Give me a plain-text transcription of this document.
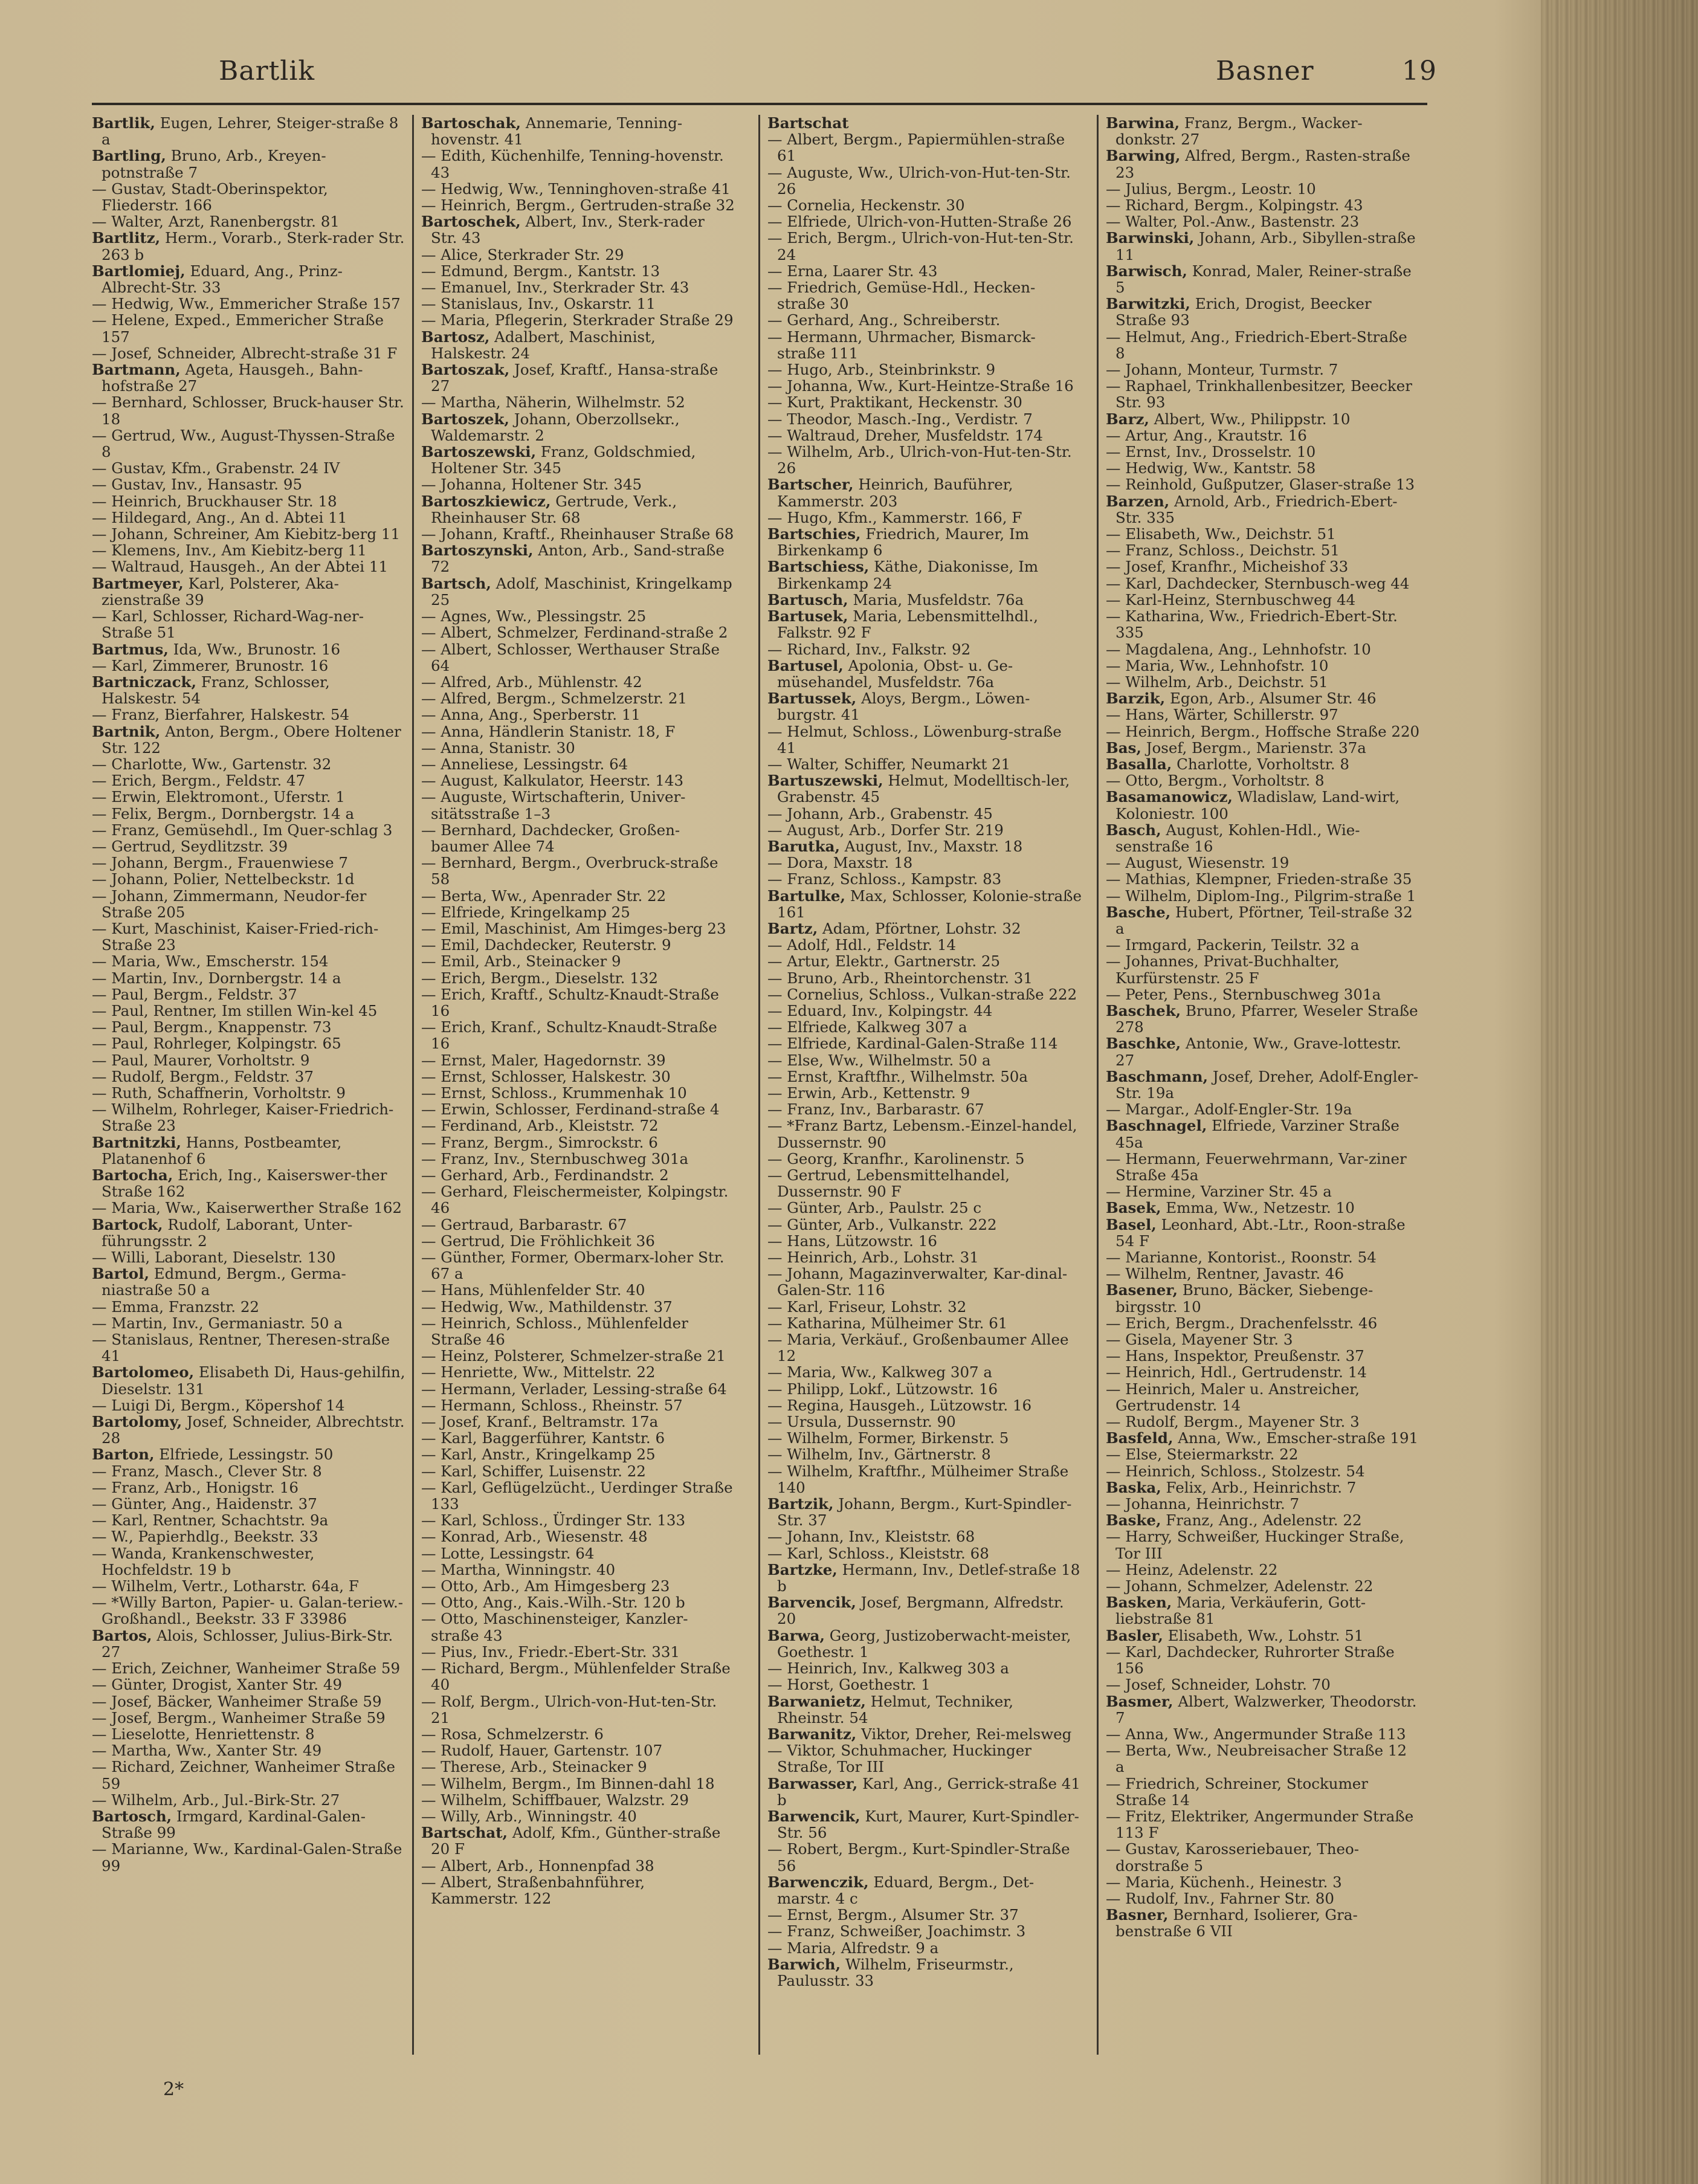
Bartlik	Basner	19

Bartlik, Eugen, Lehrer, Steiger-straße 8 a

Bartling, Bruno, Arb., Kreyen-potnstraße 7

— Gustav, Stadt-Oberinspektor, Fliederstr. 166

— Walter, Arzt, Ranenbergstr. 81

Bartlitz, Herm., Vorarb., Sterk-rader Str. 263 b

Bartlomiej, Eduard, Ang., Prinz-Albrecht-Str. 33

— Hedwig, Ww., Emmericher Straße 157

— Helene, Exped., Emmericher Straße 157

— Josef, Schneider, Albrecht-straße 31 F

Bartmann, Ageta, Hausgeh., Bahn-hofstraße 27

— Bernhard, Schlosser, Bruck-hauser Str. 18

— Gertrud, Ww., August-Thyssen-Straße 8

— Gustav, Kfm., Grabenstr. 24 IV

— Gustav, Inv., Hansastr. 95

— Heinrich, Bruckhauser Str. 18

— Hildegard, Ang., An d. Abtei 11

— Johann, Schreiner, Am Kiebitz-berg 11

— Klemens, Inv., Am Kiebitz-berg 11

— Waltraud, Hausgeh., An der Abtei 11

Bartmeyer, Karl, Polsterer, Aka-zienstraße 39

— Karl, Schlosser, Richard-Wag-ner-Straße 51

Bartmus, Ida, Ww., Brunostr. 16

— Karl, Zimmerer, Brunostr. 16

Bartniczack, Franz, Schlosser, Halskestr. 54

— Franz, Bierfahrer, Halskestr. 54

Bartnik, Anton, Bergm., Obere Holtener Str. 122

— Charlotte, Ww., Gartenstr. 32

— Erich, Bergm., Feldstr. 47

— Erwin, Elektromont., Uferstr. 1

— Felix, Bergm., Dornbergstr. 14 a

— Franz, Gemüsehdl., Im Quer-schlag 3

— Gertrud, Seydlitzstr. 39

— Johann, Bergm., Frauenwiese 7

— Johann, Polier, Nettelbeckstr. 1d

— Johann, Zimmermann, Neudor-fer Straße 205

— Kurt, Maschinist, Kaiser-Fried-rich-Straße 23

— Maria, Ww., Emscherstr. 154

— Martin, Inv., Dornbergstr. 14 a

— Paul, Bergm., Feldstr. 37

— Paul, Rentner, Im stillen Win-kel 45

— Paul, Bergm., Knappenstr. 73

— Paul, Rohrleger, Kolpingstr. 65

— Paul, Maurer, Vorholtstr. 9

— Rudolf, Bergm., Feldstr. 37

— Ruth, Schaffnerin, Vorholtstr. 9

— Wilhelm, Rohrleger, Kaiser-Friedrich-Straße 23

Bartnitzki, Hanns, Postbeamter, Platanenhof 6

Bartocha, Erich, Ing., Kaiserswer-ther Straße 162

— Maria, Ww., Kaiserwerther Straße 162

Bartock, Rudolf, Laborant, Unter-führungsstr. 2

— Willi, Laborant, Dieselstr. 130

Bartol, Edmund, Bergm., Germa-niastraße 50 a

— Emma, Franzstr. 22

— Martin, Inv., Germaniastr. 50 a

— Stanislaus, Rentner, Theresen-straße 41

Bartolomeo, Elisabeth Di, Haus-gehilfin, Dieselstr. 131

— Luigi Di, Bergm., Köpershof 14

Bartolomy, Josef, Schneider, Albrechtstr. 28

Barton, Elfriede, Lessingstr. 50

— Franz, Masch., Clever Str. 8

— Franz, Arb., Honigstr. 16

— Günter, Ang., Haidenstr. 37

— Karl, Rentner, Schachtstr. 9a

— W., Papierhdlg., Beekstr. 33

— Wanda, Krankenschwester, Hochfeldstr. 19 b

— Wilhelm, Vertr., Lotharstr. 64a, F

— *Willy Barton, Papier- u. Galan-teriew.-Großhandl., Beekstr. 33 F 33986

Bartos, Alois, Schlosser, Julius-Birk-Str. 27

— Erich, Zeichner, Wanheimer Straße 59

— Günter, Drogist, Xanter Str. 49

— Josef, Bäcker, Wanheimer Straße 59

— Josef, Bergm., Wanheimer Straße 59

— Lieselotte, Henriettenstr. 8

— Martha, Ww., Xanter Str. 49

— Richard, Zeichner, Wanheimer Straße 59

— Wilhelm, Arb., Jul.-Birk-Str. 27

Bartosch, Irmgard, Kardinal-Galen-Straße 99

— Marianne, Ww., Kardinal-Galen-Straße 99

Bartoschak, Annemarie, Tenning-hovenstr. 41

— Edith, Küchenhilfe, Tenning-hovenstr. 43

— Hedwig, Ww., Tenninghoven-straße 41

— Heinrich, Bergm., Gertruden-straße 32

Bartoschek, Albert, Inv., Sterk-rader Str. 43

— Alice, Sterkrader Str. 29

— Edmund, Bergm., Kantstr. 13

— Emanuel, Inv., Sterkrader Str. 43

— Stanislaus, Inv., Oskarstr. 11

— Maria, Pflegerin, Sterkrader Straße 29

Bartosz, Adalbert, Maschinist, Halskestr. 24

Bartoszak, Josef, Kraftf., Hansa-straße 27

— Martha, Näherin, Wilhelmstr. 52

Bartoszek, Johann, Oberzollsekr., Waldemarstr. 2

Bartoszewski, Franz, Goldschmied, Holtener Str. 345

— Johanna, Holtener Str. 345

Bartoszkiewicz, Gertrude, Verk., Rheinhauser Str. 68

— Johann, Kraftf., Rheinhauser Straße 68

Bartoszynski, Anton, Arb., Sand-straße 72

Bartsch, Adolf, Maschinist, Kringelkamp 25

— Agnes, Ww., Plessingstr. 25

— Albert, Schmelzer, Ferdinand-straße 2

— Albert, Schlosser, Werthauser Straße 64

— Alfred, Arb., Mühlenstr. 42

— Alfred, Bergm., Schmelzerstr. 21

— Anna, Ang., Sperberstr. 11

— Anna, Händlerin Stanistr. 18, F

— Anna, Stanistr. 30

— Anneliese, Lessingstr. 64

— August, Kalkulator, Heerstr. 143

— Auguste, Wirtschafterin, Univer-sitätsstraße 1–3

— Bernhard, Dachdecker, Großen-baumer Allee 74

— Bernhard, Bergm., Overbruck-straße 58

— Berta, Ww., Apenrader Str. 22

— Elfriede, Kringelkamp 25

— Emil, Maschinist, Am Himges-berg 23

— Emil, Dachdecker, Reuterstr. 9

— Emil, Arb., Steinacker 9

— Erich, Bergm., Dieselstr. 132

— Erich, Kraftf., Schultz-Knaudt-Straße 16

— Erich, Kranf., Schultz-Knaudt-Straße 16

— Ernst, Maler, Hagedornstr. 39

— Ernst, Schlosser, Halskestr. 30

— Ernst, Schloss., Krummenhak 10

— Erwin, Schlosser, Ferdinand-straße 4

— Ferdinand, Arb., Kleiststr. 72

— Franz, Bergm., Simrockstr. 6

— Franz, Inv., Sternbuschweg 301a

— Gerhard, Arb., Ferdinandstr. 2

— Gerhard, Fleischermeister, Kolpingstr. 46

— Gertraud, Barbarastr. 67

— Gertrud, Die Fröhlichkeit 36

— Günther, Former, Obermarx-loher Str. 67 a

— Hans, Mühlenfelder Str. 40

— Hedwig, Ww., Mathildenstr. 37

— Heinrich, Schloss., Mühlenfelder Straße 46

— Heinz, Polsterer, Schmelzer-straße 21

— Henriette, Ww., Mittelstr. 22

— Hermann, Verlader, Lessing-straße 64

— Hermann, Schloss., Rheinstr. 57

— Josef, Kranf., Beltramstr. 17a

— Karl, Baggerführer, Kantstr. 6

— Karl, Anstr., Kringelkamp 25

— Karl, Schiffer, Luisenstr. 22

— Karl, Geflügelzücht., Uerdinger Straße 133

— Karl, Schloss., Ürdinger Str. 133

— Konrad, Arb., Wiesenstr. 48

— Lotte, Lessingstr. 64

— Martha, Winningstr. 40

— Otto, Arb., Am Himgesberg 23

— Otto, Ang., Kais.-Wilh.-Str. 120 b

— Otto, Maschinensteiger, Kanzler-straße 43

— Pius, Inv., Friedr.-Ebert-Str. 331

— Richard, Bergm., Mühlenfelder Straße 40

— Rolf, Bergm., Ulrich-von-Hut-ten-Str. 21

— Rosa, Schmelzerstr. 6

— Rudolf, Hauer, Gartenstr. 107

— Therese, Arb., Steinacker 9

— Wilhelm, Bergm., Im Binnen-dahl 18

— Wilhelm, Schiffbauer, Walzstr. 29

— Willy, Arb., Winningstr. 40

Bartschat, Adolf, Kfm., Günther-straße 20 F

— Albert, Arb., Honnenpfad 38

— Albert, Straßenbahnführer, Kammerstr. 122

Bartschat

— Albert, Bergm., Papiermühlen-straße 61

— Auguste, Ww., Ulrich-von-Hut-ten-Str. 26

— Cornelia, Heckenstr. 30

— Elfriede, Ulrich-von-Hutten-Straße 26

— Erich, Bergm., Ulrich-von-Hut-ten-Str. 24

— Erna, Laarer Str. 43

— Friedrich, Gemüse-Hdl., Hecken-straße 30

— Gerhard, Ang., Schreiberstr.

— Hermann, Uhrmacher, Bismarck-straße 111

— Hugo, Arb., Steinbrinkstr. 9

— Johanna, Ww., Kurt-Heintze-Straße 16

— Kurt, Praktikant, Heckenstr. 30

— Theodor, Masch.-Ing., Verdistr. 7

— Waltraud, Dreher, Musfeldstr. 174

— Wilhelm, Arb., Ulrich-von-Hut-ten-Str. 26

Bartscher, Heinrich, Bauführer, Kammerstr. 203

— Hugo, Kfm., Kammerstr. 166, F

Bartschies, Friedrich, Maurer, Im Birkenkamp 6

Bartschiess, Käthe, Diakonisse, Im Birkenkamp 24

Bartusch, Maria, Musfeldstr. 76a

Bartusek, Maria, Lebensmittelhdl., Falkstr. 92 F

— Richard, Inv., Falkstr. 92

Bartusel, Apolonia, Obst- u. Ge-müsehandel, Musfeldstr. 76a

Bartussek, Aloys, Bergm., Löwen-burgstr. 41

— Helmut, Schloss., Löwenburg-straße 41

— Walter, Schiffer, Neumarkt 21

Bartuszewski, Helmut, Modelltisch-ler, Grabenstr. 45

— Johann, Arb., Grabenstr. 45

— August, Arb., Dorfer Str. 219

Barutka, August, Inv., Maxstr. 18

— Dora, Maxstr. 18

— Franz, Schloss., Kampstr. 83

Bartulke, Max, Schlosser, Kolonie-straße 161

Bartz, Adam, Pförtner, Lohstr. 32

— Adolf, Hdl., Feldstr. 14

— Artur, Elektr., Gartnerstr. 25

— Bruno, Arb., Rheintorchenstr. 31

— Cornelius, Schloss., Vulkan-straße 222

— Eduard, Inv., Kolpingstr. 44

— Elfriede, Kalkweg 307 a

— Elfriede, Kardinal-Galen-Straße 114

— Else, Ww., Wilhelmstr. 50 a

— Ernst, Kraftfhr., Wilhelmstr. 50a

— Erwin, Arb., Kettenstr. 9

— Franz, Inv., Barbarastr. 67

— *Franz Bartz, Lebensm.-Einzel-handel, Dussernstr. 90

— Georg, Kranfhr., Karolinenstr. 5

— Gertrud, Lebensmittelhandel, Dussernstr. 90 F

— Günter, Arb., Paulstr. 25 c

— Günter, Arb., Vulkanstr. 222

— Hans, Lützowstr. 16

— Heinrich, Arb., Lohstr. 31

— Johann, Magazinverwalter, Kar-dinal-Galen-Str. 116

— Karl, Friseur, Lohstr. 32

— Katharina, Mülheimer Str. 61

— Maria, Verkäuf., Großenbaumer Allee 12

— Maria, Ww., Kalkweg 307 a

— Philipp, Lokf., Lützowstr. 16

— Regina, Hausgeh., Lützowstr. 16

— Ursula, Dussernstr. 90

— Wilhelm, Former, Birkenstr. 5

— Wilhelm, Inv., Gärtnerstr. 8

— Wilhelm, Kraftfhr., Mülheimer Straße 140

Bartzik, Johann, Bergm., Kurt-Spindler-Str. 37

— Johann, Inv., Kleiststr. 68

— Karl, Schloss., Kleiststr. 68

Bartzke, Hermann, Inv., Detlef-straße 18 b

Barvencik, Josef, Bergmann, Alfredstr. 20

Barwa, Georg, Justizoberwacht-meister, Goethestr. 1

— Heinrich, Inv., Kalkweg 303 a

— Horst, Goethestr. 1

Barwanietz, Helmut, Techniker, Rheinstr. 54

Barwanitz, Viktor, Dreher, Rei-melsweg

— Viktor, Schuhmacher, Huckinger Straße, Tor III

Barwasser, Karl, Ang., Gerrick-straße 41 b

Barwencik, Kurt, Maurer, Kurt-Spindler-Str. 56

— Robert, Bergm., Kurt-Spindler-Straße 56

Barwenczik, Eduard, Bergm., Det-marstr. 4 c

— Ernst, Bergm., Alsumer Str. 37

— Franz, Schweißer, Joachimstr. 3

— Maria, Alfredstr. 9 a

Barwich, Wilhelm, Friseurmstr., Paulusstr. 33

Barwina, Franz, Bergm., Wacker-donkstr. 27

Barwing, Alfred, Bergm., Rasten-straße 23

— Julius, Bergm., Leostr. 10

— Richard, Bergm., Kolpingstr. 43

— Walter, Pol.-Anw., Bastenstr. 23

Barwinski, Johann, Arb., Sibyllen-straße 11

Barwisch, Konrad, Maler, Reiner-straße 5

Barwitzki, Erich, Drogist, Beecker Straße 93

— Helmut, Ang., Friedrich-Ebert-Straße 8

— Johann, Monteur, Turmstr. 7

— Raphael, Trinkhallenbesitzer, Beecker Str. 93

Barz, Albert, Ww., Philippstr. 10

— Artur, Ang., Krautstr. 16

— Ernst, Inv., Drosselstr. 10

— Hedwig, Ww., Kantstr. 58

— Reinhold, Gußputzer, Glaser-straße 13

Barzen, Arnold, Arb., Friedrich-Ebert-Str. 335

— Elisabeth, Ww., Deichstr. 51

— Franz, Schloss., Deichstr. 51

— Josef, Kranfhr., Micheishof 33

— Karl, Dachdecker, Sternbusch-weg 44

— Karl-Heinz, Sternbuschweg 44

— Katharina, Ww., Friedrich-Ebert-Str. 335

— Magdalena, Ang., Lehnhofstr. 10

— Maria, Ww., Lehnhofstr. 10

— Wilhelm, Arb., Deichstr. 51

Barzik, Egon, Arb., Alsumer Str. 46

— Hans, Wärter, Schillerstr. 97

— Heinrich, Bergm., Hoffsche Straße 220

Bas, Josef, Bergm., Marienstr. 37a

Basalla, Charlotte, Vorholtstr. 8

— Otto, Bergm., Vorholtstr. 8

Basamanowicz, Wladislaw, Land-wirt, Koloniestr. 100

Basch, August, Kohlen-Hdl., Wie-senstraße 16

— August, Wiesenstr. 19

— Mathias, Klempner, Frieden-straße 35

— Wilhelm, Diplom-Ing., Pilgrim-straße 1

Basche, Hubert, Pförtner, Teil-straße 32 a

— Irmgard, Packerin, Teilstr. 32 a

— Johannes, Privat-Buchhalter, Kurfürstenstr. 25 F

— Peter, Pens., Sternbuschweg 301a

Baschek, Bruno, Pfarrer, Weseler Straße 278

Baschke, Antonie, Ww., Grave-lottestr. 27

Baschmann, Josef, Dreher, Adolf-Engler-Str. 19a

— Margar., Adolf-Engler-Str. 19a

Baschnagel, Elfriede, Varziner Straße 45a

— Hermann, Feuerwehrmann, Var-ziner Straße 45a

— Hermine, Varziner Str. 45 a

Basek, Emma, Ww., Netzestr. 10

Basel, Leonhard, Abt.-Ltr., Roon-straße 54 F

— Marianne, Kontorist., Roonstr. 54

— Wilhelm, Rentner, Javastr. 46

Basener, Bruno, Bäcker, Siebenge-birgsstr. 10

— Erich, Bergm., Drachenfelsstr. 46

— Gisela, Mayener Str. 3

— Hans, Inspektor, Preußenstr. 37

— Heinrich, Hdl., Gertrudenstr. 14

— Heinrich, Maler u. Anstreicher, Gertrudenstr. 14

— Rudolf, Bergm., Mayener Str. 3

Basfeld, Anna, Ww., Emscher-straße 191

— Else, Steiermarkstr. 22

— Heinrich, Schloss., Stolzestr. 54

Baska, Felix, Arb., Heinrichstr. 7

— Johanna, Heinrichstr. 7

Baske, Franz, Ang., Adelenstr. 22

— Harry, Schweißer, Huckinger Straße, Tor III

— Heinz, Adelenstr. 22

— Johann, Schmelzer, Adelenstr. 22

Basken, Maria, Verkäuferin, Gott-liebstraße 81

Basler, Elisabeth, Ww., Lohstr. 51

— Karl, Dachdecker, Ruhrorter Straße 156

— Josef, Schneider, Lohstr. 70

Basmer, Albert, Walzwerker, Theodorstr. 7

— Anna, Ww., Angermunder Straße 113

— Berta, Ww., Neubreisacher Straße 12 a

— Friedrich, Schreiner, Stockumer Straße 14

— Fritz, Elektriker, Angermunder Straße 113 F

— Gustav, Karosseriebauer, Theo-dorstraße 5

— Maria, Küchenh., Heinestr. 3

— Rudolf, Inv., Fahrner Str. 80

Basner, Bernhard, Isolierer, Gra-benstraße 6 VII

2*
